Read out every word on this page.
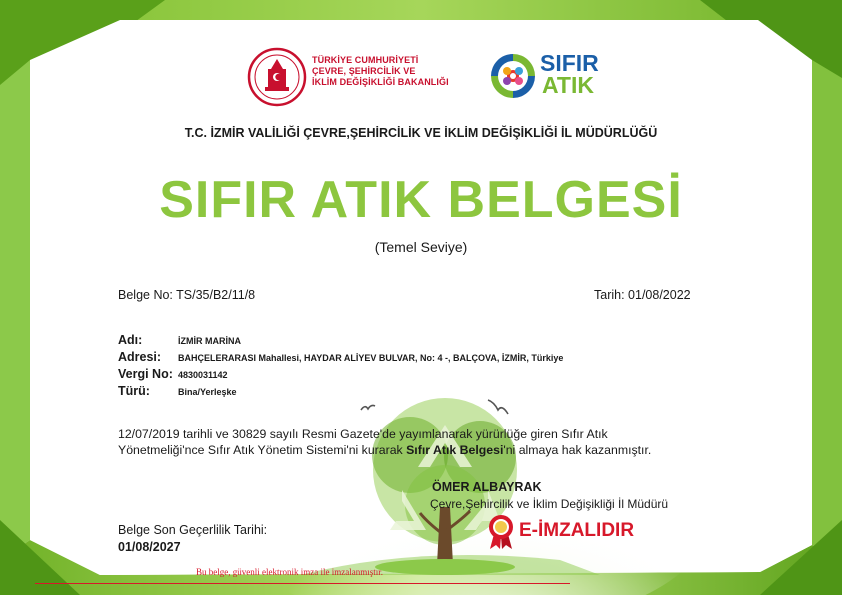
TÜRKİYE CUMHURİYETİ
ÇEVRE, ŞEHİRCİLİK VE
İKLİM DEĞİŞİKLİĞİ BAKANLIĞI
SIFIR
ATIK
T.C. İZMİR VALİLİĞİ ÇEVRE,ŞEHİRCİLİK VE İKLİM DEĞİŞİKLİĞİ İL MÜDÜRLÜĞÜ
SIFIR ATIK BELGESİ
(Temel Seviye)
Belge No: TS/35/B2/11/8	Tarih: 01/08/2022
Adı:	İZMİR MARİNA
Adresi: BAHÇELERARASI Mahallesi, HAYDAR ALİYEV BULVAR, No: 4 -, BALÇOVA, İZMİR, Türkiye
Vergi No: 4830031142
Türü:	Bina/Yerleşke
12/07/2019 tarihli ve 30829 sayılı Resmi Gazete'de yayımlanarak yürürlüğe giren Sıfır Atık
Yönetmeliği'nce Sıfır Atık Yönetim Sistemi'ni kurarak Sıfır Atık Belgesi'ni almaya hak kazanmıştır.
ÖMER ALBAYRAK
Çevre,Şehircilik ve İklim Değişikliği İl Müdürü
Belge Son Geçerlilik Tarihi:
01/08/2027
E-İMZALIDIR
Bu belge, güvenli elektronik imza ile imzalanmıştır.
